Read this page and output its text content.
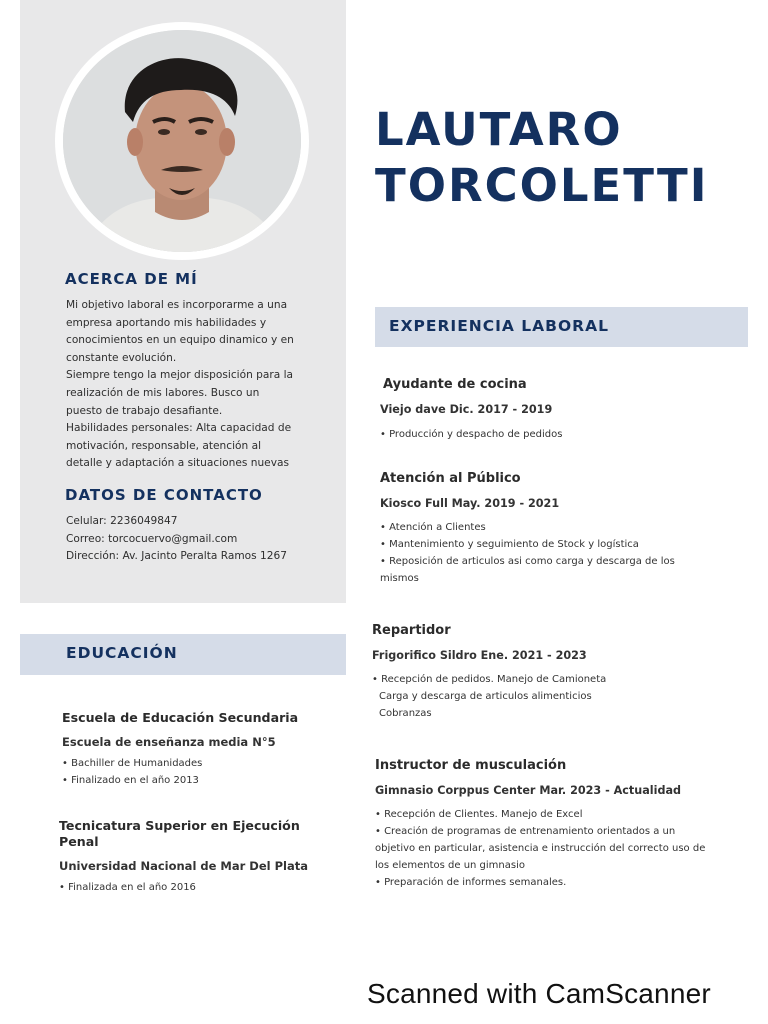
LAUTARO
TORCOLETTI
ACERCA DE MÍ

Mi objetivo laboral es incorporarme a una

empresa aportando mis habilidades y

conocimientos en un equipo dinamico y en

constante evolución.

Siempre tengo la mejor disposición para la

realización de mis labores. Busco un

puesto de trabajo desafiante.

Habilidades personales: Alta capacidad de

motivación, responsable, atención al

detalle y adaptación a situaciones nuevas

DATOS DE CONTACTO

Celular: 2236049847

Correo: torcocuervo@gmail.com

Dirección: Av. Jacinto Peralta Ramos 1267

EDUCACIÓN
Escuela de Educación Secundaria
Escuela de enseñanza media N°5

• Bachiller de Humanidades

• Finalizado en el año 2013

Tecnicatura Superior en Ejecución

Penal

Universidad Nacional de Mar Del Plata

• Finalizada en el año 2016

EXPERIENCIA LABORAL
Ayudante de cocina
Viejo dave Dic. 2017 - 2019

• Producción y despacho de pedidos

Atención al Público
Kiosco Full May. 2019 - 2021

• Atención a Clientes

• Mantenimiento y seguimiento de Stock y logística

• Reposición de articulos asi como carga y descarga de los

mismos

Repartidor
Frigorifico Sildro Ene. 2021 - 2023

• Recepción de pedidos. Manejo de Camioneta

Carga y descarga de articulos alimenticios

Cobranzas

Instructor de musculación
Gimnasio Corppus Center Mar. 2023 - Actualidad

• Recepción de Clientes. Manejo de Excel

• Creación de programas de entrenamiento orientados a un

objetivo en particular, asistencia e instrucción del correcto uso de

los elementos de un gimnasio

• Preparación de informes semanales.

Scanned with CamScanner
